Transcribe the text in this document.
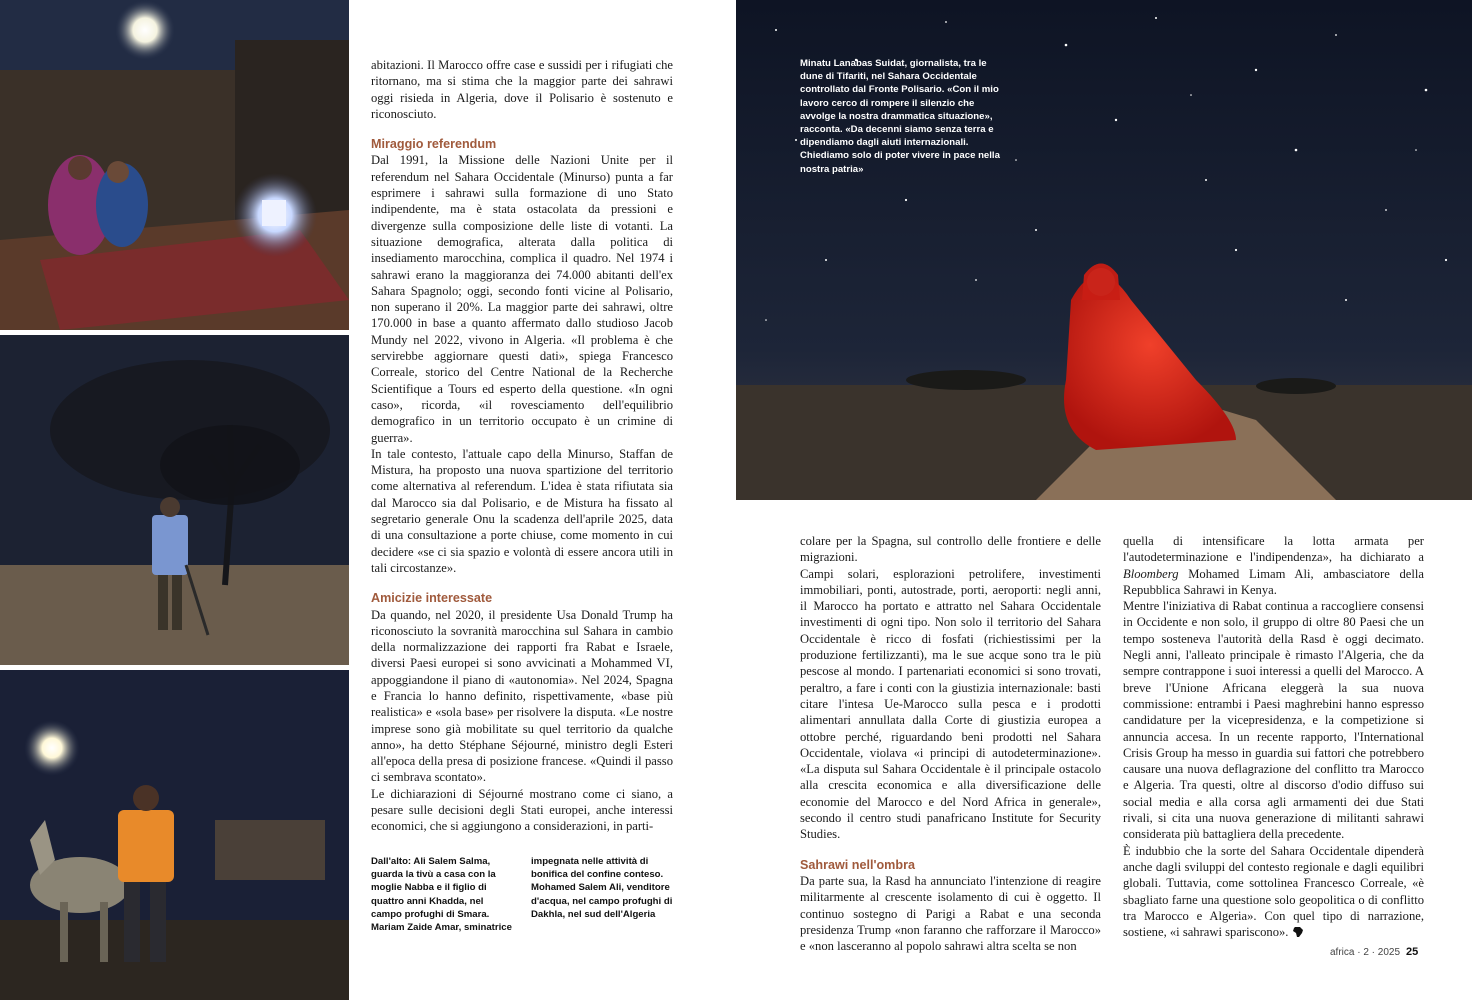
Minatu Lanabas Suidat, giornalista, tra le dune di Tifariti, nel Sahara Occidentale controllato dal Fronte Polisario. «Con il mio lavoro cerco di rompere il silenzio che avvolge la nostra drammatica situazione», racconta. «Da decenni siamo senza terra e dipendiamo dagli aiuti internazionali. Chiediamo solo di poter vivere in pace nella nostra patria»

abitazioni. Il Marocco offre case e sussidi per i rifugiati che ritornano, ma si stima che la maggior parte dei sahrawi oggi risieda in Algeria, dove il Polisario è sostenuto e riconosciuto.

Miraggio referendum

Dal 1991, la Missione delle Nazioni Unite per il referendum nel Sahara Occidentale (Minurso) punta a far esprimere i sahrawi sulla formazione di uno Stato indipendente, ma è stata ostacolata da pressioni e divergenze sulla composizione delle liste di votanti. La situazione demografica, alterata dalla politica di insediamento marocchina, complica il quadro. Nel 1974 i sahrawi erano la maggioranza dei 74.000 abitanti dell'ex Sahara Spagnolo; oggi, secondo fonti vicine al Polisario, non superano il 20%. La maggior parte dei sahrawi, oltre 170.000 in base a quanto affermato dallo studioso Jacob Mundy nel 2022, vivono in Algeria. «Il problema è che servirebbe aggiornare questi dati», spiega Francesco Correale, storico del Centre National de la Recherche Scientifique a Tours ed esperto della questione. «In ogni caso», ricorda, «il rovesciamento dell'equilibrio demografico in un territorio occupato è un crimine di guerra».

In tale contesto, l'attuale capo della Minurso, Staffan de Mistura, ha proposto una nuova spartizione del territorio come alternativa al referendum. L'idea è stata rifiutata sia dal Marocco sia dal Polisario, e de Mistura ha fissato al segretario generale Onu la scadenza dell'aprile 2025, data di una consultazione a porte chiuse, come momento in cui decidere «se ci sia spazio e volontà di essere ancora utili in tali circostanze».

Amicizie interessate

Da quando, nel 2020, il presidente Usa Donald Trump ha riconosciuto la sovranità marocchina sul Sahara in cambio della normalizzazione dei rapporti fra Rabat e Israele, diversi Paesi europei si sono avvicinati a Mohammed VI, appoggiandone il piano di «autonomia». Nel 2024, Spagna e Francia lo hanno definito, rispettivamente, «base più realistica» e «sola base» per risolvere la disputa. «Le nostre imprese sono già mobilitate su quel territorio da qualche anno», ha detto Stéphane Séjourné, ministro degli Esteri all'epoca della presa di posizione francese. «Quindi il passo ci sembrava scontato».

Le dichiarazioni di Séjourné mostrano come ci siano, a pesare sulle decisioni degli Stati europei, anche interessi economici, che si aggiungono a considerazioni, in parti-

Dall'alto: Ali Salem Salma, guarda la tivù a casa con la moglie Nabba e il figlio di quattro anni Khadda, nel campo profughi di Smara. Mariam Zaide Amar, sminatrice
impegnata nelle attività di bonifica del confine conteso. Mohamed Salem Ali, venditore d'acqua, nel campo profughi di Dakhla, nel sud dell'Algeria

colare per la Spagna, sul controllo delle frontiere e delle migrazioni.

Campi solari, esplorazioni petrolifere, investimenti immobiliari, ponti, autostrade, porti, aeroporti: negli anni, il Marocco ha portato e attratto nel Sahara Occidentale investimenti di ogni tipo. Non solo il territorio del Sahara Occidentale è ricco di fosfati (richiestissimi per la produzione fertilizzanti), ma le sue acque sono tra le più pescose al mondo. I partenariati economici si sono trovati, peraltro, a fare i conti con la giustizia internazionale: basti citare l'intesa Ue-Marocco sulla pesca e i prodotti alimentari annullata dalla Corte di giustizia europea a ottobre perché, riguardando beni prodotti nel Sahara Occidentale, violava «i principi di autodeterminazione». «La disputa sul Sahara Occidentale è il principale ostacolo alla crescita economica e alla diversificazione delle economie del Marocco e del Nord Africa in generale», secondo il centro studi panafricano Institute for Security Studies.

Sahrawi nell'ombra

Da parte sua, la Rasd ha annunciato l'intenzione di reagire militarmente al crescente isolamento di cui è oggetto. Il continuo sostegno di Parigi a Rabat e una seconda presidenza Trump «non faranno che rafforzare il Marocco» e «non lasceranno al popolo sahrawi altra scelta se non

quella di intensificare la lotta armata per l'autodeterminazione e l'indipendenza», ha dichiarato a Bloomberg Mohamed Limam Ali, ambasciatore della Repubblica Sahrawi in Kenya.

Mentre l'iniziativa di Rabat continua a raccogliere consensi in Occidente e non solo, il gruppo di oltre 80 Paesi che un tempo sosteneva l'autorità della Rasd è oggi decimato. Negli anni, l'alleato principale è rimasto l'Algeria, che da sempre contrappone i suoi interessi a quelli del Marocco. A breve l'Unione Africana eleggerà la sua nuova commissione: entrambi i Paesi maghrebini hanno espresso candidature per la vicepresidenza, e la competizione si annuncia accesa. In un recente rapporto, l'International Crisis Group ha messo in guardia sui fattori che potrebbero causare una nuova deflagrazione del conflitto tra Marocco e Algeria. Tra questi, oltre al discorso d'odio diffuso sui social media e alla corsa agli armamenti dei due Stati rivali, si cita una nuova generazione di militanti sahrawi considerata più battagliera della precedente.

È indubbio che la sorte del Sahara Occidentale dipenderà anche dagli sviluppi del contesto regionale e dagli equilibri globali. Tuttavia, come sottolinea Francesco Correale, «è sbagliato farne una questione solo geopolitica o di conflitto tra Marocco e Algeria». Con quel tipo di narrazione, sostiene, «i sahrawi spariscono».

africa · 2 · 2025 25
